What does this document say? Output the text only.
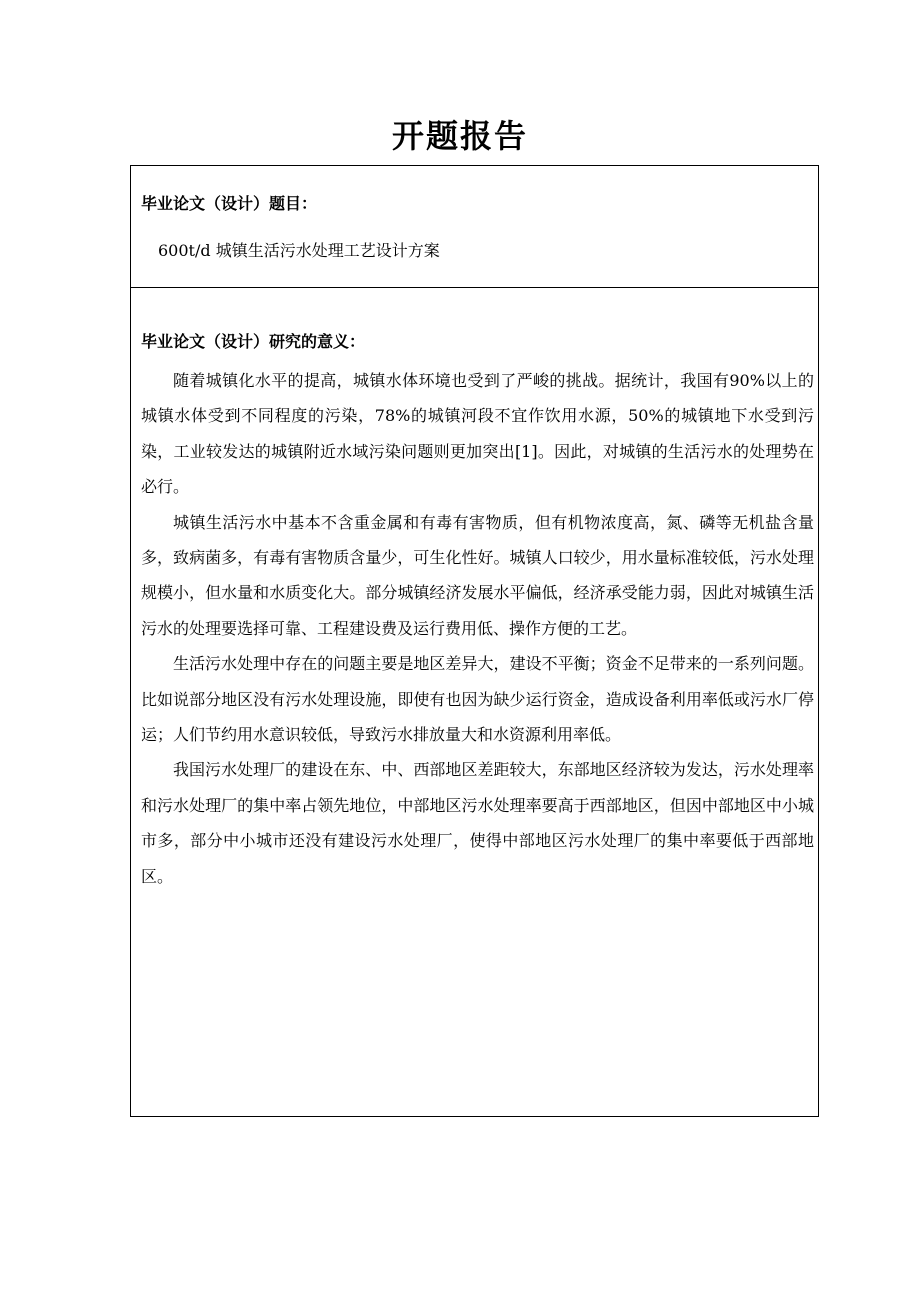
开题报告
毕业论文（设计）题目：
600t/d 城镇生活污水处理工艺设计方案
毕业论文（设计）研究的意义：

随着城镇化水平的提高，城镇水体环境也受到了严峻的挑战。据统计，我国有90%以上的城镇水体受到不同程度的污染，78%的城镇河段不宜作饮用水源，50%的城镇地下水受到污染，工业较发达的城镇附近水域污染问题则更加突出[1]。因此，对城镇的生活污水的处理势在必行。

城镇生活污水中基本不含重金属和有毒有害物质，但有机物浓度高，氮、磷等无机盐含量多，致病菌多，有毒有害物质含量少，可生化性好。城镇人口较少，用水量标准较低，污水处理规模小，但水量和水质变化大。部分城镇经济发展水平偏低，经济承受能力弱，因此对城镇生活污水的处理要选择可靠、工程建设费及运行费用低、操作方便的工艺。

生活污水处理中存在的问题主要是地区差异大，建设不平衡；资金不足带来的一系列问题。比如说部分地区没有污水处理设施，即使有也因为缺少运行资金，造成设备利用率低或污水厂停运；人们节约用水意识较低，导致污水排放量大和水资源利用率低。

我国污水处理厂的建设在东、中、西部地区差距较大，东部地区经济较为发达，污水处理率和污水处理厂的集中率占领先地位，中部地区污水处理率要高于西部地区，但因中部地区中小城市多，部分中小城市还没有建设污水处理厂，使得中部地区污水处理厂的集中率要低于西部地区。
